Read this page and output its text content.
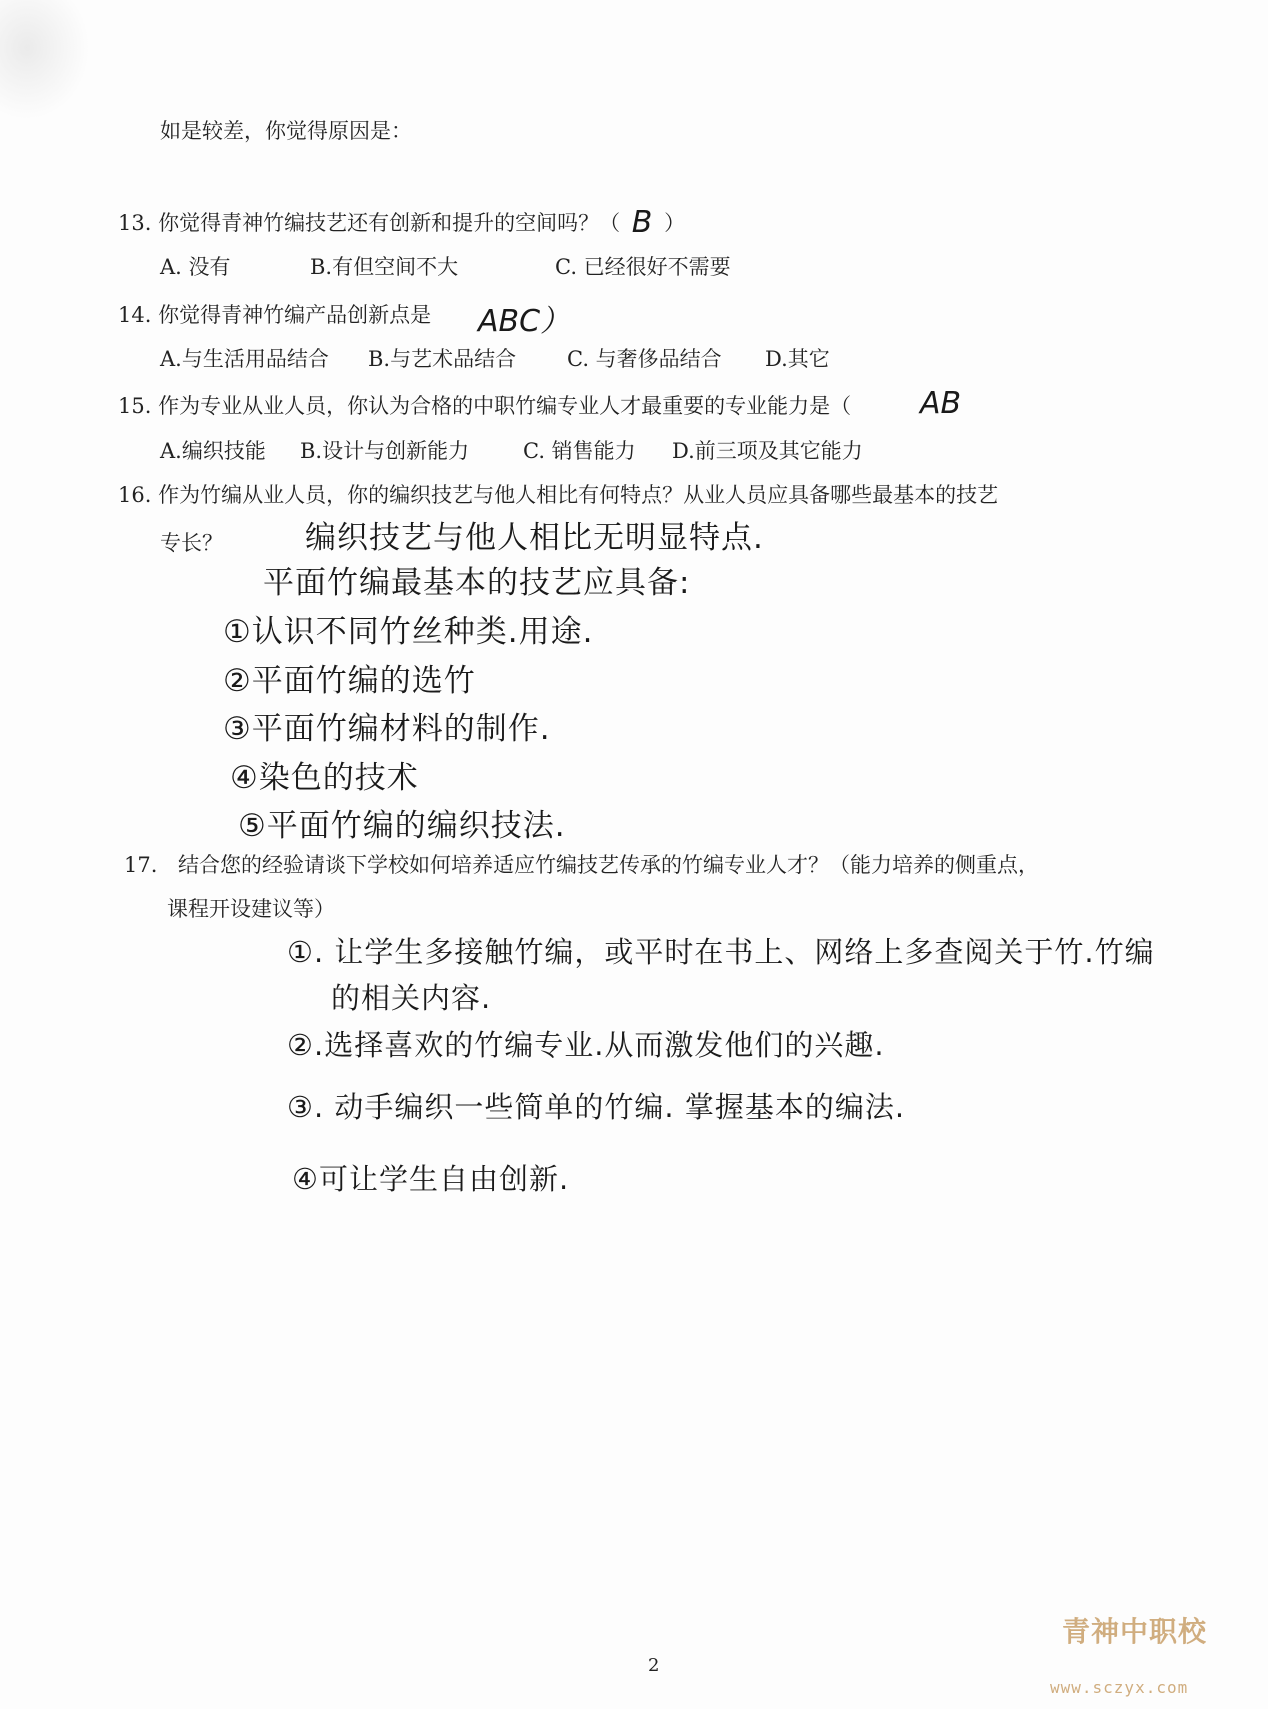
如是较差，你觉得原因是：
13. 你觉得青神竹编技艺还有创新和提升的空间吗？（ B ）
A. 没有	B.有但空间不大	C. 已经很好不需要
14. 你觉得青神竹编产品创新点是 ABC）
A.与生活用品结合 B.与艺术品结合 C. 与奢侈品结合 D.其它
15. 作为专业从业人员，你认为合格的中职竹编专业人才最重要的专业能力是（ AB
A.编织技能 B.设计与创新能力	C. 销售能力 D.前三项及其它能力
16. 作为竹编从业人员，你的编织技艺与他人相比有何特点？从业人员应具备哪些最基本的技艺
专长？	编织技艺与他人相比无明显特点.
平面竹编最基本的技艺应具备:
①认识不同竹丝种类.用途.
②平面竹编的选竹
③平面竹编材料的制作.
④染色的技术
⑤平面竹编的编织技法.
17. 结合您的经验请谈下学校如何培养适应竹编技艺传承的竹编专业人才？（能力培养的侧重点，
课程开设建议等）
①. 让学生多接触竹编，或平时在书上、网络上多查阅关于竹.竹编
的相关内容.
②.选择喜欢的竹编专业.从而激发他们的兴趣.
③. 动手编织一些简单的竹编. 掌握基本的编法.
④可让学生自由创新.
2
青神中职校
www.sczyx.com
